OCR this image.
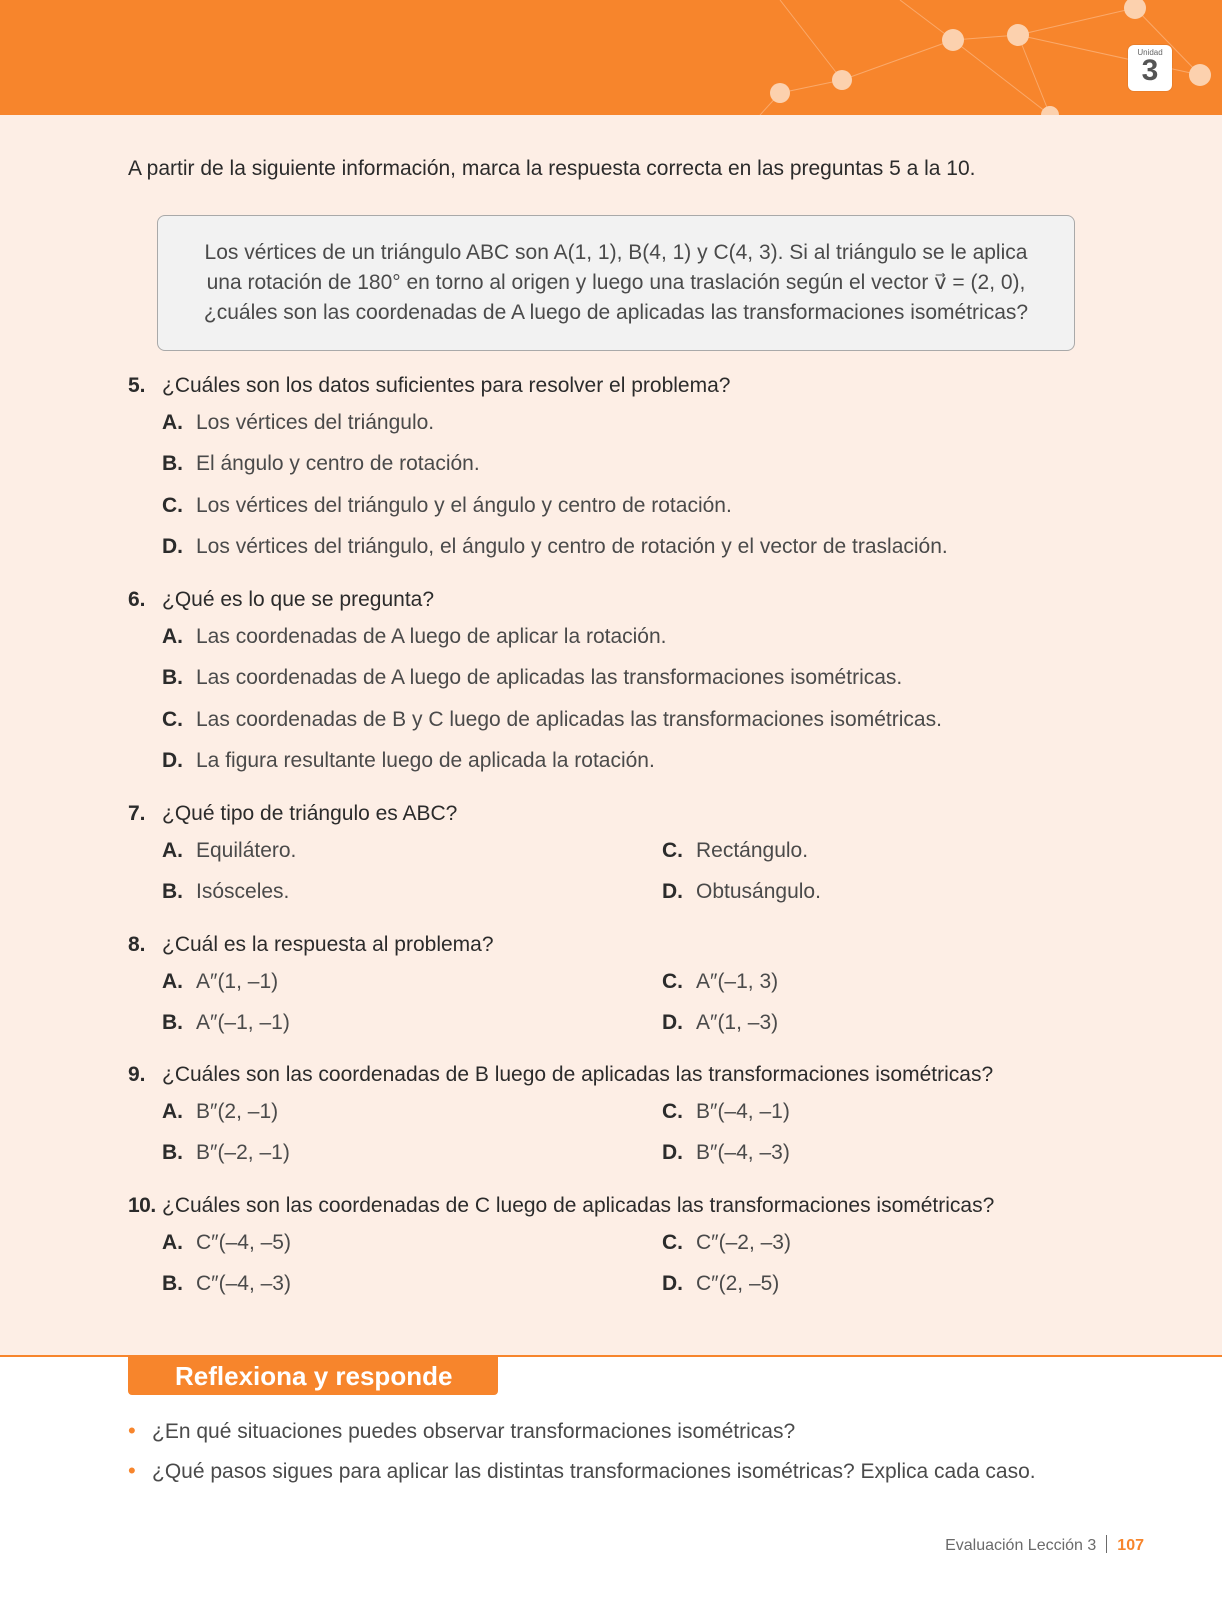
Unidad
3
A partir de la siguiente información, marca la respuesta correcta en las preguntas 5 a la 10.
Los vértices de un triángulo ABC son A(1, 1), B(4, 1) y C(4, 3). Si al triángulo se le aplica
una rotación de 180° en torno al origen y luego una traslación según el vector v⃗ = (2, 0),
¿cuáles son las coordenadas de A luego de aplicadas las transformaciones isométricas?
5. ¿Cuáles son los datos suficientes para resolver el problema?
A. Los vértices del triángulo.
B. El ángulo y centro de rotación.
C. Los vértices del triángulo y el ángulo y centro de rotación.
D. Los vértices del triángulo, el ángulo y centro de rotación y el vector de traslación.
6. ¿Qué es lo que se pregunta?
A. Las coordenadas de A luego de aplicar la rotación.
B. Las coordenadas de A luego de aplicadas las transformaciones isométricas.
C. Las coordenadas de B y C luego de aplicadas las transformaciones isométricas.
D. La figura resultante luego de aplicada la rotación.
7. ¿Qué tipo de triángulo es ABC?
A. Equilátero.
B. Isósceles.
C. Rectángulo.
D. Obtusángulo.
8. ¿Cuál es la respuesta al problema?
A. A″(1, –1)
B. A″(–1, –1)
C. A″(–1, 3)
D. A″(1, –3)
9. ¿Cuáles son las coordenadas de B luego de aplicadas las transformaciones isométricas?
A. B″(2, –1)
B. B″(–2, –1)
C. B″(–4, –1)
D. B″(–4, –3)
10. ¿Cuáles son las coordenadas de C luego de aplicadas las transformaciones isométricas?
A. C″(–4, –5)
B. C″(–4, –3)
C. C″(–2, –3)
D. C″(2, –5)
Reflexiona y responde
• ¿En qué situaciones puedes observar transformaciones isométricas?
• ¿Qué pasos sigues para aplicar las distintas transformaciones isométricas? Explica cada caso.
Evaluación Lección 3 107
